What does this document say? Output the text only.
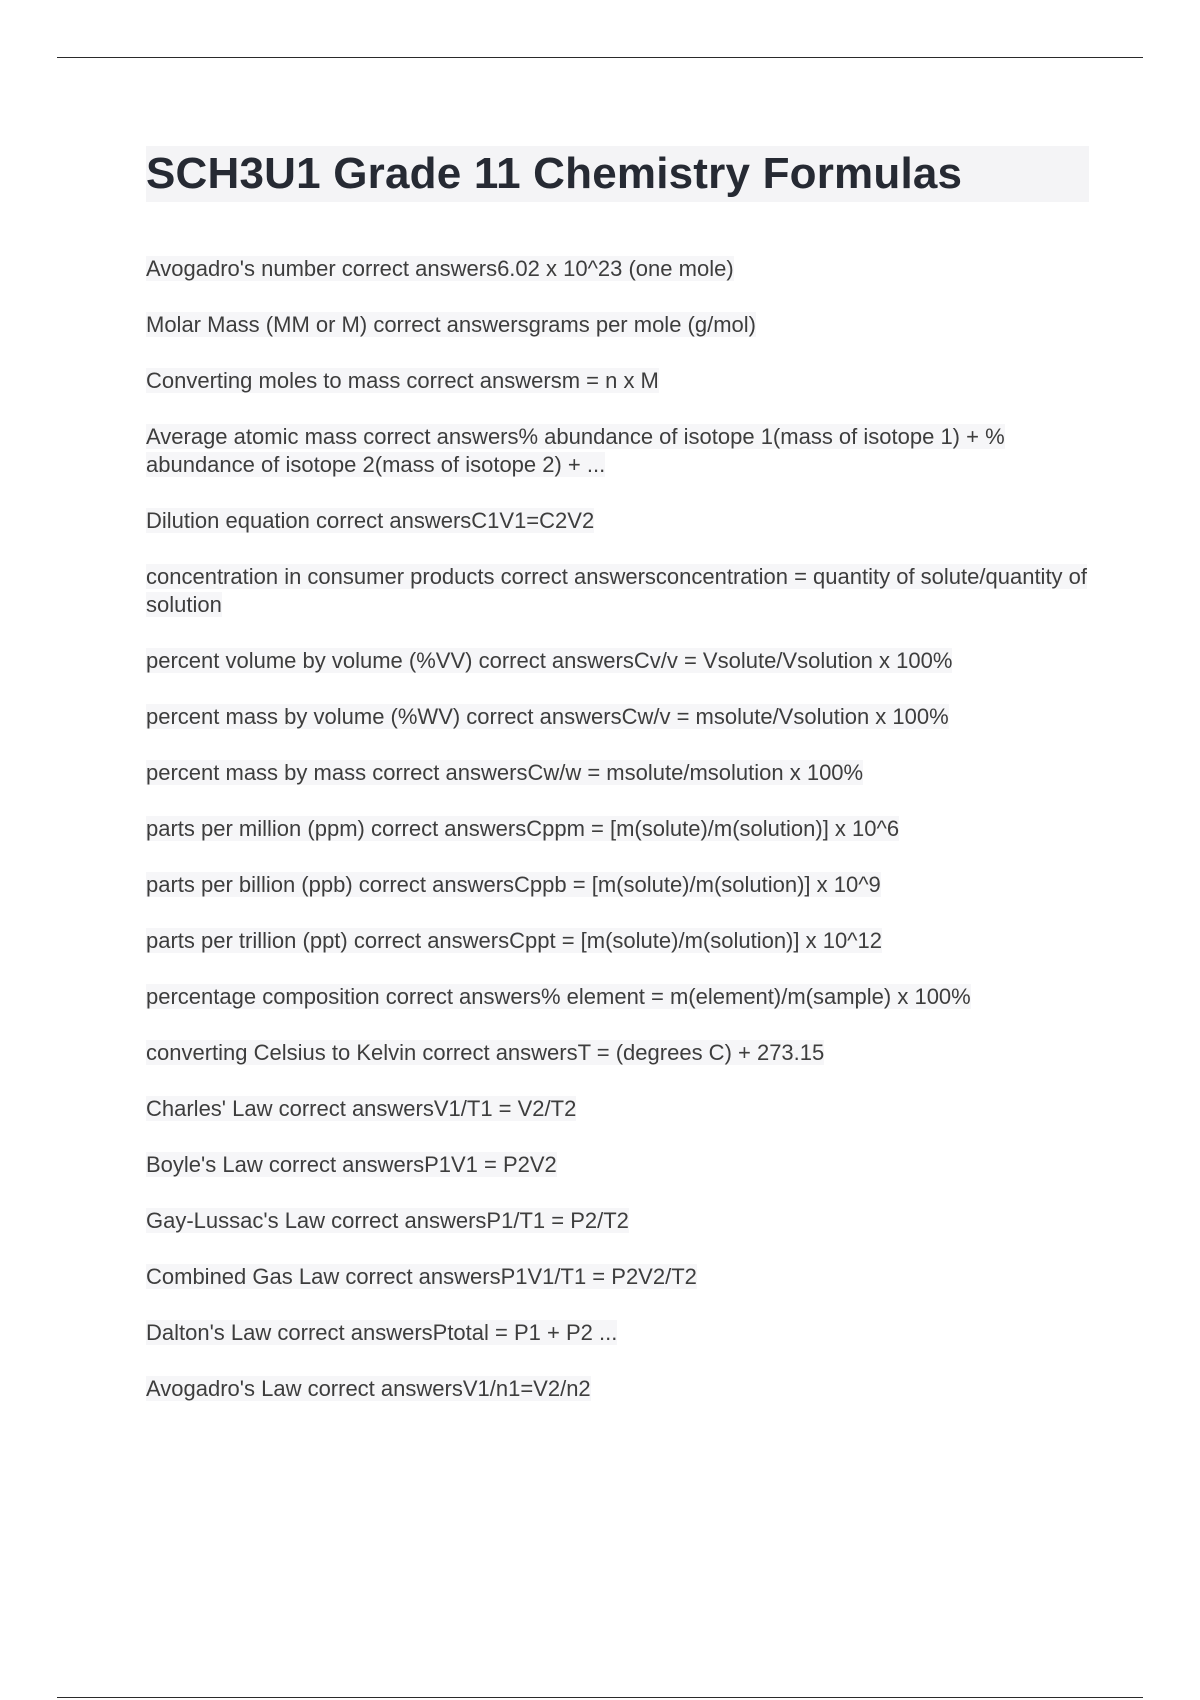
SCH3U1 Grade 11 Chemistry Formulas
Avogadro's number correct answers6.02 x 10^23 (one mole)
Molar Mass (MM or M) correct answersgrams per mole (g/mol)
Converting moles to mass correct answersm = n x M
Average atomic mass correct answers% abundance of isotope 1(mass of isotope 1) + % abundance of isotope 2(mass of isotope 2) + ...
Dilution equation correct answersC1V1=C2V2
concentration in consumer products correct answersconcentration = quantity of solute/quantity of solution
percent volume by volume (%VV) correct answersCv/v = Vsolute/Vsolution x 100%
percent mass by volume (%WV) correct answersCw/v = msolute/Vsolution x 100%
percent mass by mass correct answersCw/w = msolute/msolution x 100%
parts per million (ppm) correct answersCppm = [m(solute)/m(solution)] x 10^6
parts per billion (ppb) correct answersCppb = [m(solute)/m(solution)] x 10^9
parts per trillion (ppt) correct answersCppt = [m(solute)/m(solution)] x 10^12
percentage composition correct answers% element = m(element)/m(sample) x 100%
converting Celsius to Kelvin correct answersT = (degrees C) + 273.15
Charles' Law correct answersV1/T1 = V2/T2
Boyle's Law correct answersP1V1 = P2V2
Gay-Lussac's Law correct answersP1/T1 = P2/T2
Combined Gas Law correct answersP1V1/T1 = P2V2/T2
Dalton's Law correct answersPtotal = P1 + P2 ...
Avogadro's Law correct answersV1/n1=V2/n2
